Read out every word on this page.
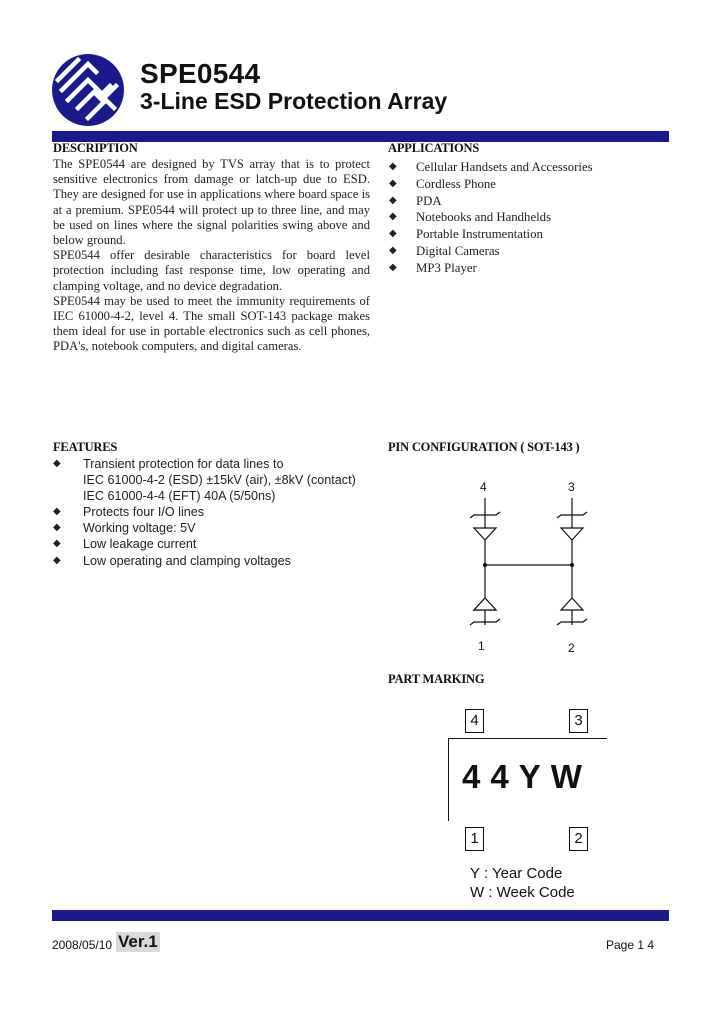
SPE0544
3-Line ESD Protection Array
DESCRIPTION

The SPE0544 are designed by TVS array that is to protect sensitive electronics from damage or latch-up due to ESD. They are designed for use in applications where board space is at a premium. SPE0544 will protect up to three line, and may be used on lines where the signal polarities swing above and below ground.

SPE0544 offer desirable characteristics for board level protection including fast response time, low operating and clamping voltage, and no device degradation.

SPE0544 may be used to meet the immunity requirements of IEC 61000-4-2, level 4. The small SOT-143 package makes them ideal for use in portable electronics such as cell phones, PDA's, notebook computers, and digital cameras.

APPLICATIONS
◆ Cellular Handsets and Accessories
◆ Cordless Phone
◆ PDA
◆ Notebooks and Handhelds
◆ Portable Instrumentation
◆ Digital Cameras
◆ MP3 Player
FEATURES
◆ Transient protection for data lines to
IEC 61000-4-2 (ESD) ±15kV (air), ±8kV (contact)
IEC 61000-4-4 (EFT) 40A (5/50ns)
◆ Protects four I/O lines
◆ Working voltage: 5V
◆ Low leakage current
◆ Low operating and clamping voltages
PIN CONFIGURATION ( SOT-143 )
4	3
1	2
PART MARKING
4	3
44YW
1	2
Y : Year Code
W : Week Code
2008/05/10 Ver.1	Page 1 4
